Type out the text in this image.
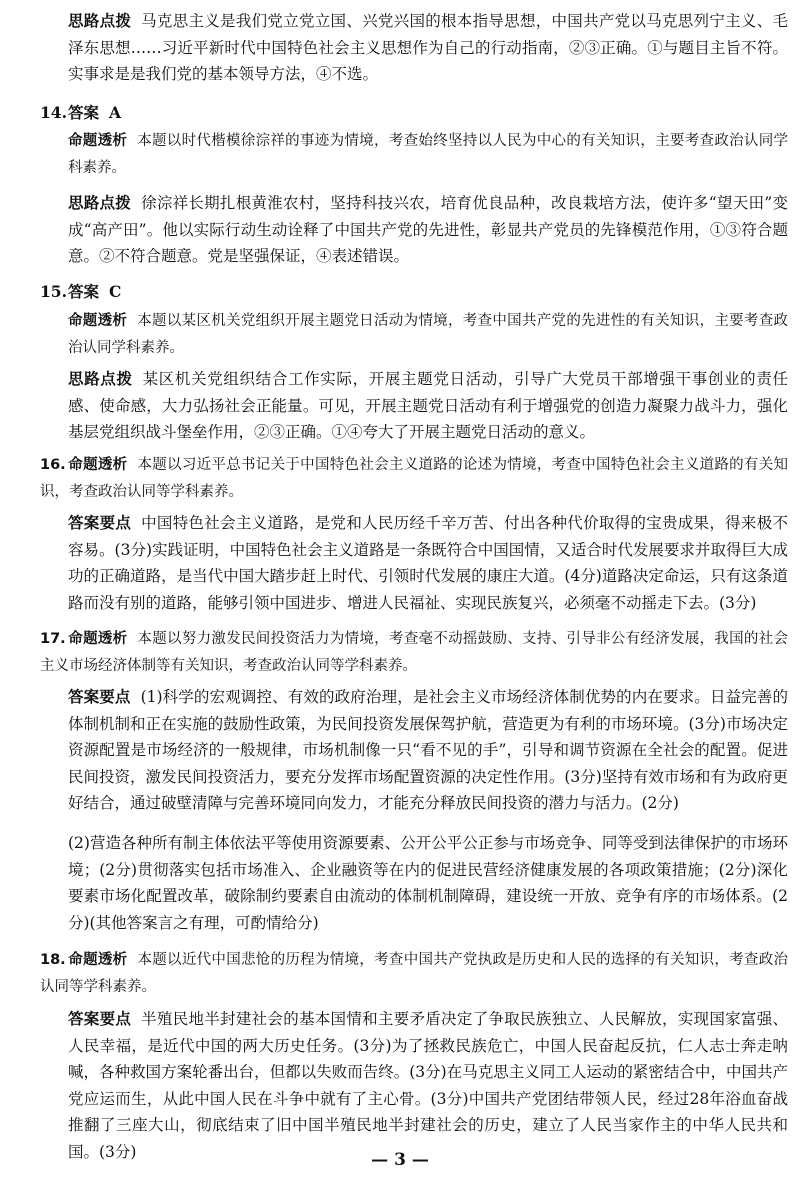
思路点拨 马克思主义是我们党立党立国、兴党兴国的根本指导思想，中国共产党以马克思列宁主义、毛泽东思想……习近平新时代中国特色社会主义思想作为自己的行动指南，②③正确。①与题目主旨不符。实事求是是我们党的基本领导方法，④不选。
14.答案 A
命题透析 本题以时代楷模徐淙祥的事迹为情境，考查始终坚持以人民为中心的有关知识，主要考查政治认同学科素养。
思路点拨 徐淙祥长期扎根黄淮农村，坚持科技兴农，培育优良品种，改良栽培方法，使许多“望天田”变成“高产田”。他以实际行动生动诠释了中国共产党的先进性，彰显共产党员的先锋模范作用，①③符合题意。②不符合题意。党是坚强保证，④表述错误。
15.答案 C
命题透析 本题以某区机关党组织开展主题党日活动为情境，考查中国共产党的先进性的有关知识，主要考查政治认同学科素养。
思路点拨 某区机关党组织结合工作实际，开展主题党日活动，引导广大党员干部增强干事创业的责任感、使命感，大力弘扬社会正能量。可见，开展主题党日活动有利于增强党的创造力凝聚力战斗力，强化基层党组织战斗堡垒作用，②③正确。①④夸大了开展主题党日活动的意义。
16. 命题透析 本题以习近平总书记关于中国特色社会主义道路的论述为情境，考查中国特色社会主义道路的有关知识，考查政治认同等学科素养。
答案要点 中国特色社会主义道路，是党和人民历经千辛万苦、付出各种代价取得的宝贵成果，得来极不容易。(3分)实践证明，中国特色社会主义道路是一条既符合中国国情，又适合时代发展要求并取得巨大成功的正确道路，是当代中国大踏步赶上时代、引领时代发展的康庄大道。(4分)道路决定命运，只有这条道路而没有别的道路，能够引领中国进步、增进人民福祉、实现民族复兴，必须毫不动摇走下去。(3分)
17. 命题透析 本题以努力激发民间投资活力为情境，考查毫不动摇鼓励、支持、引导非公有经济发展，我国的社会主义市场经济体制等有关知识，考查政治认同等学科素养。
答案要点 (1)科学的宏观调控、有效的政府治理，是社会主义市场经济体制优势的内在要求。日益完善的体制机制和正在实施的鼓励性政策，为民间投资发展保驾护航，营造更为有利的市场环境。(3分)市场决定资源配置是市场经济的一般规律，市场机制像一只“看不见的手”，引导和调节资源在全社会的配置。促进民间投资，激发民间投资活力，要充分发挥市场配置资源的决定性作用。(3分)坚持有效市场和有为政府更好结合，通过破壁清障与完善环境同向发力，才能充分释放民间投资的潜力与活力。(2分)
(2)营造各种所有制主体依法平等使用资源要素、公开公平公正参与市场竞争、同等受到法律保护的市场环境；(2分)贯彻落实包括市场准入、企业融资等在内的促进民营经济健康发展的各项政策措施；(2分)深化要素市场化配置改革，破除制约要素自由流动的体制机制障碍，建设统一开放、竞争有序的市场体系。(2分)(其他答案言之有理，可酌情给分)
18. 命题透析 本题以近代中国悲怆的历程为情境，考查中国共产党执政是历史和人民的选择的有关知识，考查政治认同等学科素养。
答案要点 半殖民地半封建社会的基本国情和主要矛盾决定了争取民族独立、人民解放，实现国家富强、人民幸福，是近代中国的两大历史任务。(3分)为了拯救民族危亡，中国人民奋起反抗，仁人志士奔走呐喊，各种救国方案轮番出台，但都以失败而告终。(3分)在马克思主义同工人运动的紧密结合中，中国共产党应运而生，从此中国人民在斗争中就有了主心骨。(3分)中国共产党团结带领人民，经过28年浴血奋战推翻了三座大山，彻底结束了旧中国半殖民地半封建社会的历史，建立了人民当家作主的中华人民共和国。(3分)	— 3 —
